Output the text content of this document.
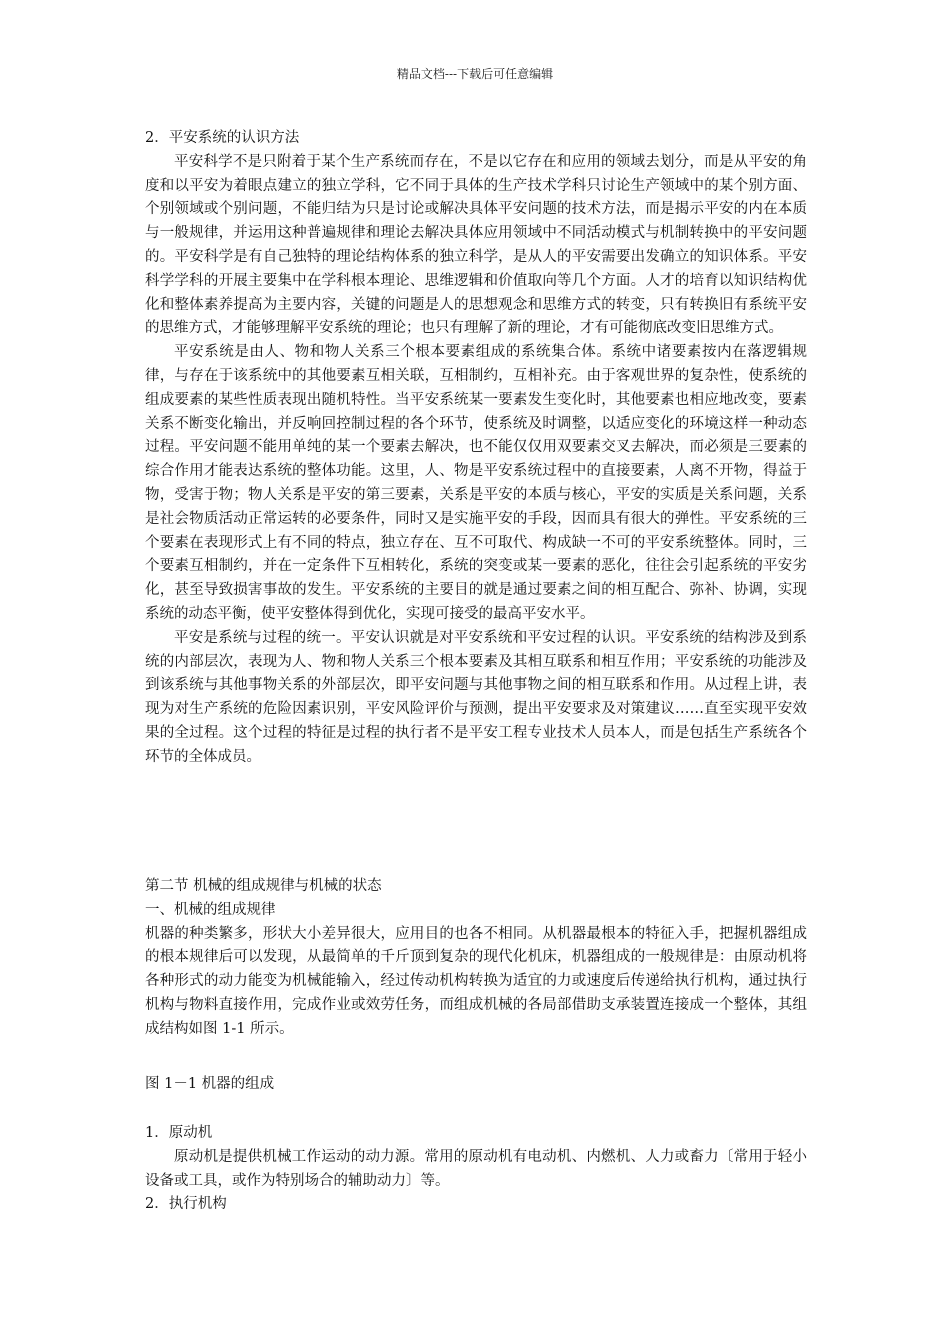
精品文档---下载后可任意编辑

2．平安系统的认识方法

平安科学不是只附着于某个生产系统而存在，不是以它存在和应用的领域去划分，而是从平安的角度和以平安为着眼点建立的独立学科，它不同于具体的生产技术学科只讨论生产领域中的某个别方面、个别领域或个别问题，不能归结为只是讨论或解决具体平安问题的技术方法，而是揭示平安的内在本质与一般规律，并运用这种普遍规律和理论去解决具体应用领域中不同活动模式与机制转换中的平安问题的。平安科学是有自己独特的理论结构体系的独立科学，是从人的平安需要出发确立的知识体系。平安科学学科的开展主要集中在学科根本理论、思维逻辑和价值取向等几个方面。人才的培育以知识结构优化和整体素养提高为主要内容，关键的问题是人的思想观念和思维方式的转变，只有转换旧有系统平安的思维方式，才能够理解平安系统的理论；也只有理解了新的理论，才有可能彻底改变旧思维方式。

平安系统是由人、物和物人关系三个根本要素组成的系统集合体。系统中诸要素按内在落逻辑规律，与存在于该系统中的其他要素互相关联，互相制约，互相补充。由于客观世界的复杂性，使系统的组成要素的某些性质表现出随机特性。当平安系统某一要素发生变化时，其他要素也相应地改变，要素关系不断变化输出，并反响回控制过程的各个环节，使系统及时调整，以适应变化的环境这样一种动态过程。平安问题不能用单纯的某一个要素去解决，也不能仅仅用双要素交叉去解决，而必须是三要素的综合作用才能表达系统的整体功能。这里，人、物是平安系统过程中的直接要素，人离不开物，得益于物，受害于物；物人关系是平安的第三要素，关系是平安的本质与核心，平安的实质是关系问题，关系是社会物质活动正常运转的必要条件，同时又是实施平安的手段，因而具有很大的弹性。平安系统的三个要素在表现形式上有不同的特点，独立存在、互不可取代、构成缺一不可的平安系统整体。同时，三个要素互相制约，并在一定条件下互相转化，系统的突变或某一要素的恶化，往往会引起系统的平安劣化，甚至导致损害事故的发生。平安系统的主要目的就是通过要素之间的相互配合、弥补、协调，实现系统的动态平衡，使平安整体得到优化，实现可接受的最高平安水平。

平安是系统与过程的统一。平安认识就是对平安系统和平安过程的认识。平安系统的结构涉及到系统的内部层次，表现为人、物和物人关系三个根本要素及其相互联系和相互作用；平安系统的功能涉及到该系统与其他事物关系的外部层次，即平安问题与其他事物之间的相互联系和作用。从过程上讲，表现为对生产系统的危险因素识别，平安风险评价与预测，提出平安要求及对策建议……直至实现平安效果的全过程。这个过程的特征是过程的执行者不是平安工程专业技术人员本人，而是包括生产系统各个环节的全体成员。

第二节 机械的组成规律与机械的状态

一、机械的组成规律

机器的种类繁多，形状大小差异很大，应用目的也各不相同。从机器最根本的特征入手，把握机器组成的根本规律后可以发现，从最简单的千斤顶到复杂的现代化机床，机器组成的一般规律是：由原动机将各种形式的动力能变为机械能输入，经过传动机构转换为适宜的力或速度后传递给执行机构，通过执行机构与物料直接作用，完成作业或效劳任务，而组成机械的各局部借助支承装置连接成一个整体，其组成结构如图 1-1 所示。

图 1－1 机器的组成

1．原动机

原动机是提供机械工作运动的动力源。常用的原动机有电动机、内燃机、人力或畜力〔常用于轻小设备或工具，或作为特别场合的辅助动力〕等。

2．执行机构
